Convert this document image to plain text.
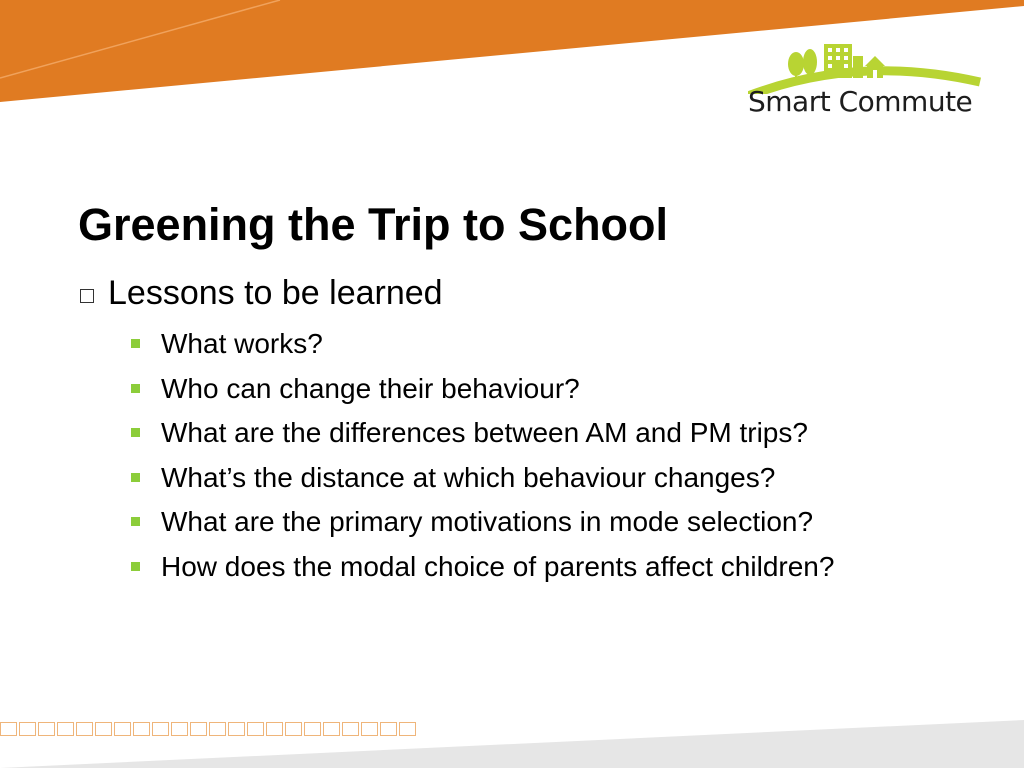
Smart Commute
Greening the Trip to School
Lessons to be learned
What works?
Who can change their behaviour?
What are the differences between AM and PM trips?
What’s the distance at which behaviour changes?
What are the primary motivations in mode selection?
How does the modal choice of parents affect children?
